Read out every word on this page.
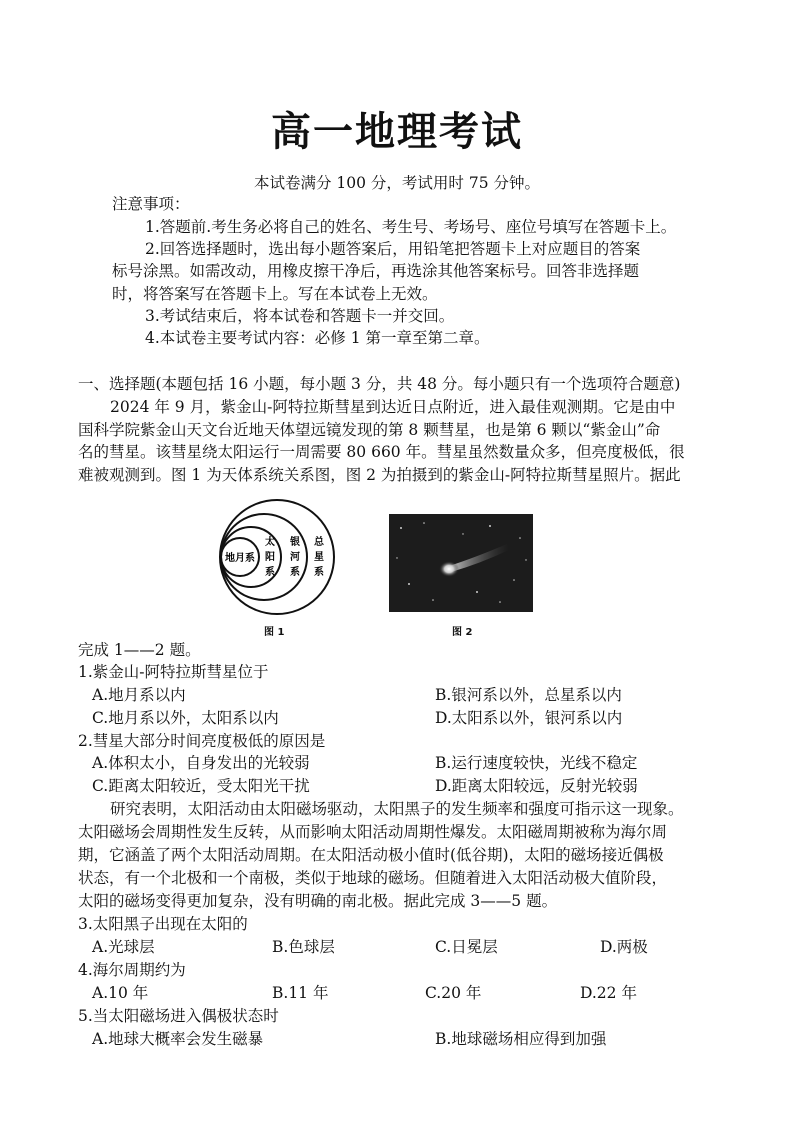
高一地理考试
本试卷满分 100 分，考试用时 75 分钟。
注意事项：
1.答题前.考生务必将自己的姓名、考生号、考场号、座位号填写在答题卡上。
2.回答选择题时，选出每小题答案后，用铅笔把答题卡上对应题目的答案
标号涂黑。如需改动，用橡皮擦干净后，再选涂其他答案标号。回答非选择题
时，将答案写在答题卡上。写在本试卷上无效。
3.考试结束后，将本试卷和答题卡一并交回。
4.本试卷主要考试内容：必修 1 第一章至第二章。
一、选择题(本题包括 16 小题，每小题 3 分，共 48 分。每小题只有一个选项符合题意)
2024 年 9 月，紫金山-阿特拉斯彗星到达近日点附近，进入最佳观测期。它是由中
国科学院紫金山天文台近地天体望远镜发现的第 8 颗彗星，也是第 6 颗以“紫金山”命
名的彗星。该彗星绕太阳运行一周需要 80 660 年。彗星虽然数量众多，但亮度极低，很
难被观测到。图 1 为天体系统关系图，图 2 为拍摄到的紫金山-阿特拉斯彗星照片。据此
地月系
太
阳
系
银
河
系
总
星
系
图 1	图 2
完成 1——2 题。
1.紫金山-阿特拉斯彗星位于
A.地月系以内	B.银河系以外，总星系以内
C.地月系以外，太阳系以内	D.太阳系以外，银河系以内
2.彗星大部分时间亮度极低的原因是
A.体积太小，自身发出的光较弱	B.运行速度较快，光线不稳定
C.距离太阳较近，受太阳光干扰	D.距离太阳较远，反射光较弱
研究表明，太阳活动由太阳磁场驱动，太阳黑子的发生频率和强度可指示这一现象。
太阳磁场会周期性发生反转，从而影响太阳活动周期性爆发。太阳磁周期被称为海尔周
期，它涵盖了两个太阳活动周期。在太阳活动极小值时(低谷期)，太阳的磁场接近偶极
状态，有一个北极和一个南极，类似于地球的磁场。但随着进入太阳活动极大值阶段，
太阳的磁场变得更加复杂，没有明确的南北极。据此完成 3——5 题。
3.太阳黑子出现在太阳的
A.光球层	B.色球层	C.日冕层	D.两极
4.海尔周期约为
A.10 年	B.11 年	C.20 年	D.22 年
5.当太阳磁场进入偶极状态时
A.地球大概率会发生磁暴	B.地球磁场相应得到加强
